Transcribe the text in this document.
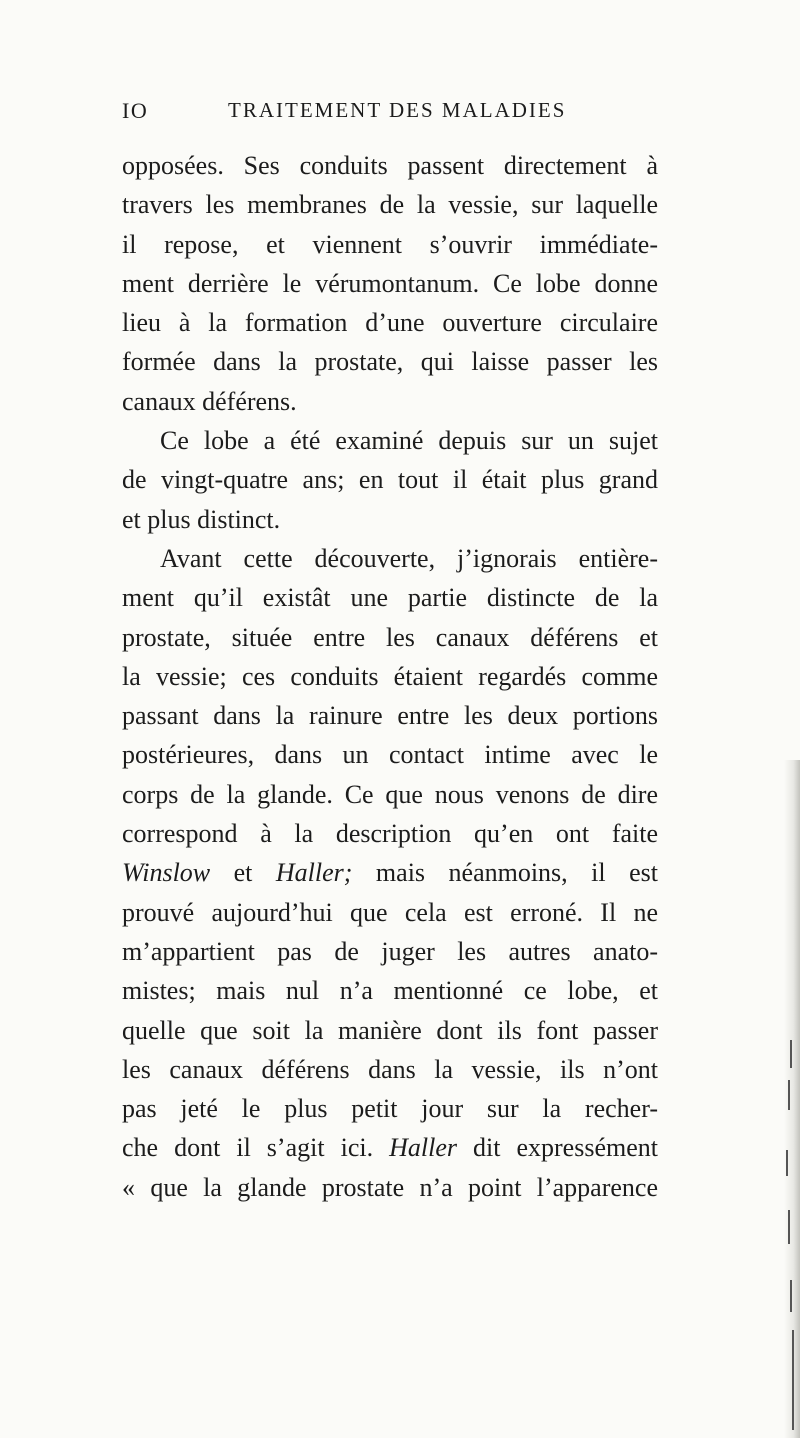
IO	TRAITEMENT DES MALADIES
opposées. Ses conduits passent directement à
travers les membranes de la vessie, sur laquelle
il repose, et viennent s’ouvrir immédiate-
ment derrière le vérumontanum. Ce lobe donne
lieu à la formation d’une ouverture circulaire
formée dans la prostate, qui laisse passer les
canaux déférens.
Ce lobe a été examiné depuis sur un sujet
de vingt-quatre ans; en tout il était plus grand
et plus distinct.
Avant cette découverte, j’ignorais entière-
ment qu’il existât une partie distincte de la
prostate, située entre les canaux déférens et
la vessie; ces conduits étaient regardés comme
passant dans la rainure entre les deux portions
postérieures, dans un contact intime avec le
corps de la glande. Ce que nous venons de dire
correspond à la description qu’en ont faite
Winslow et Haller; mais néanmoins, il est
prouvé aujourd’hui que cela est erroné. Il ne
m’appartient pas de juger les autres anato-
mistes; mais nul n’a mentionné ce lobe, et
quelle que soit la manière dont ils font passer
les canaux déférens dans la vessie, ils n’ont
pas jeté le plus petit jour sur la recher-
che dont il s’agit ici. Haller dit expressément
« que la glande prostate n’a point l’apparence
